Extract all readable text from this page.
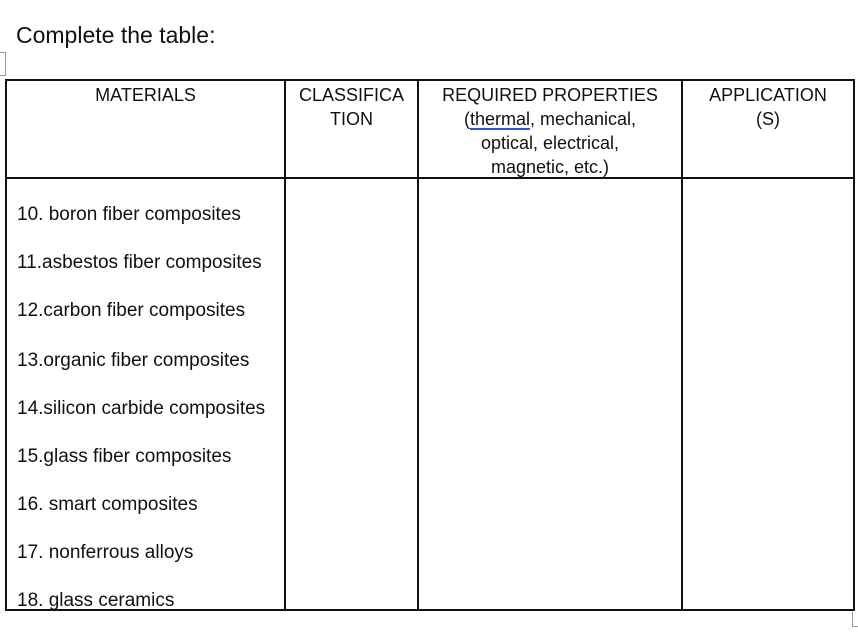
Complete the table:
MATERIALS	CLASSIFICA
TION
REQUIRED PROPERTIES
(thermal, mechanical,
optical, electrical,
magnetic, etc.)
APPLICATION
(S)
10. boron fiber composites
11.asbestos fiber composites
12.carbon fiber composites
13.organic fiber composites
14.silicon carbide composites
15.glass fiber composites
16. smart composites
17. nonferrous alloys
18. glass ceramics
